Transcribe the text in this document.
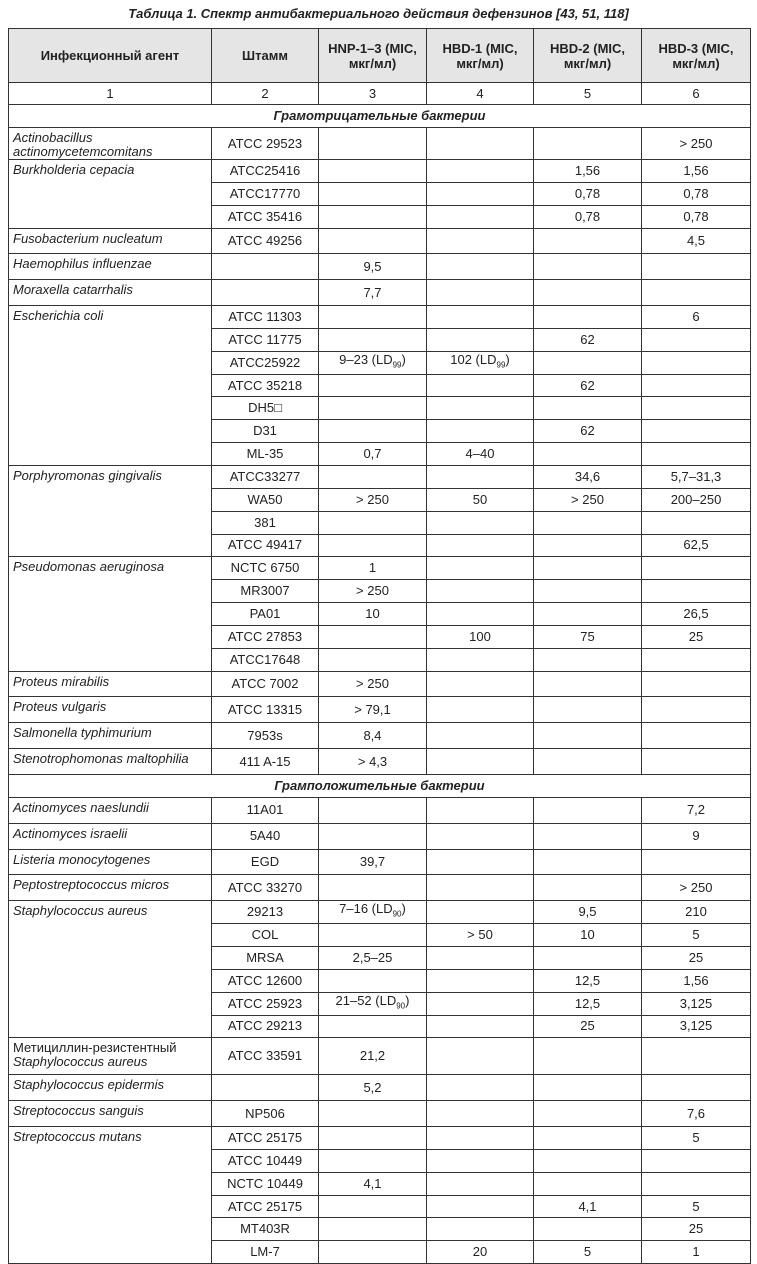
Таблица 1. Спектр антибактериального действия дефензинов [43, 51, 118]
Инфекционный агент	Штамм	HNP-1–3 (MIC, мкг/мл)	HBD-1 (MIC, мкг/мл)	HBD-2 (MIC, мкг/мл)	HBD-3 (MIC, мкг/мл)
1	2	3	4	5	6
Грамотрицательные бактерии					
Actinobacillus actinomycetemcomitans	ATCC 29523				> 250
Burkholderia cepacia	ATCC25416			1,56	1,56
	ATCC17770			0,78	0,78
	ATCC 35416			0,78	0,78
Fusobacterium nucleatum	ATCC 49256				4,5
Haemophilus influenzae		9,5			
Moraxella catarrhalis		7,7			
Escherichia coli	ATCC 11303				6
	ATCC 11775			62	
	ATCC25922	9–23 $(LD_{99})$	102 $(LD_{99})$		
	ATCC 35218			62	
	DH5□				
	D31			62	
	ML-35	0,7	4–40		
Porphyromonas gingivalis	ATCC33277			34,6	5,7–31,3
	WA50	> 250	50	> 250	200–250
	381				
	ATCC 49417				62,5
Pseudomonas aeruginosa	NCTC 6750	1			
	MR3007	> 250			
	PA01	10			26,5
	ATCC 27853		100	75	25
	ATCC17648				
Proteus mirabilis	ATCC 7002	> 250			
Proteus vulgaris	ATCC 13315	> 79,1			
Salmonella typhimurium	7953s	8,4			
Stenotrophomonas maltophilia	411 A-15	> 4,3			
Грамположительные бактерии					
Actinomyces naeslundii	11A01				7,2
Actinomyces israelii	5A40				9
Listeria monocytogenes	EGD	39,7			
Peptostreptococcus micros	ATCC 33270				> 250
Staphylococcus aureus	29213	7–16 $(LD_{90})$		9,5	210
	COL		> 50	10	5
	MRSA	2,5–25			25
	ATCC 12600			12,5	1,56
	ATCC 25923	21–52 $(LD_{90})$		12,5	3,125
	ATCC 29213			25	3,125
Метициллин-резистентный
Staphylococcus aureus	ATCC 33591	21,2			
Staphylococcus epidermis		5,2			
Streptococcus sanguis	NP506				7,6
Streptococcus mutans	ATCC 25175				5
	ATCC 10449				
	NCTC 10449	4,1			
	ATCC 25175			4,1	5
	MT403R				25
	LM-7		20	5	1
